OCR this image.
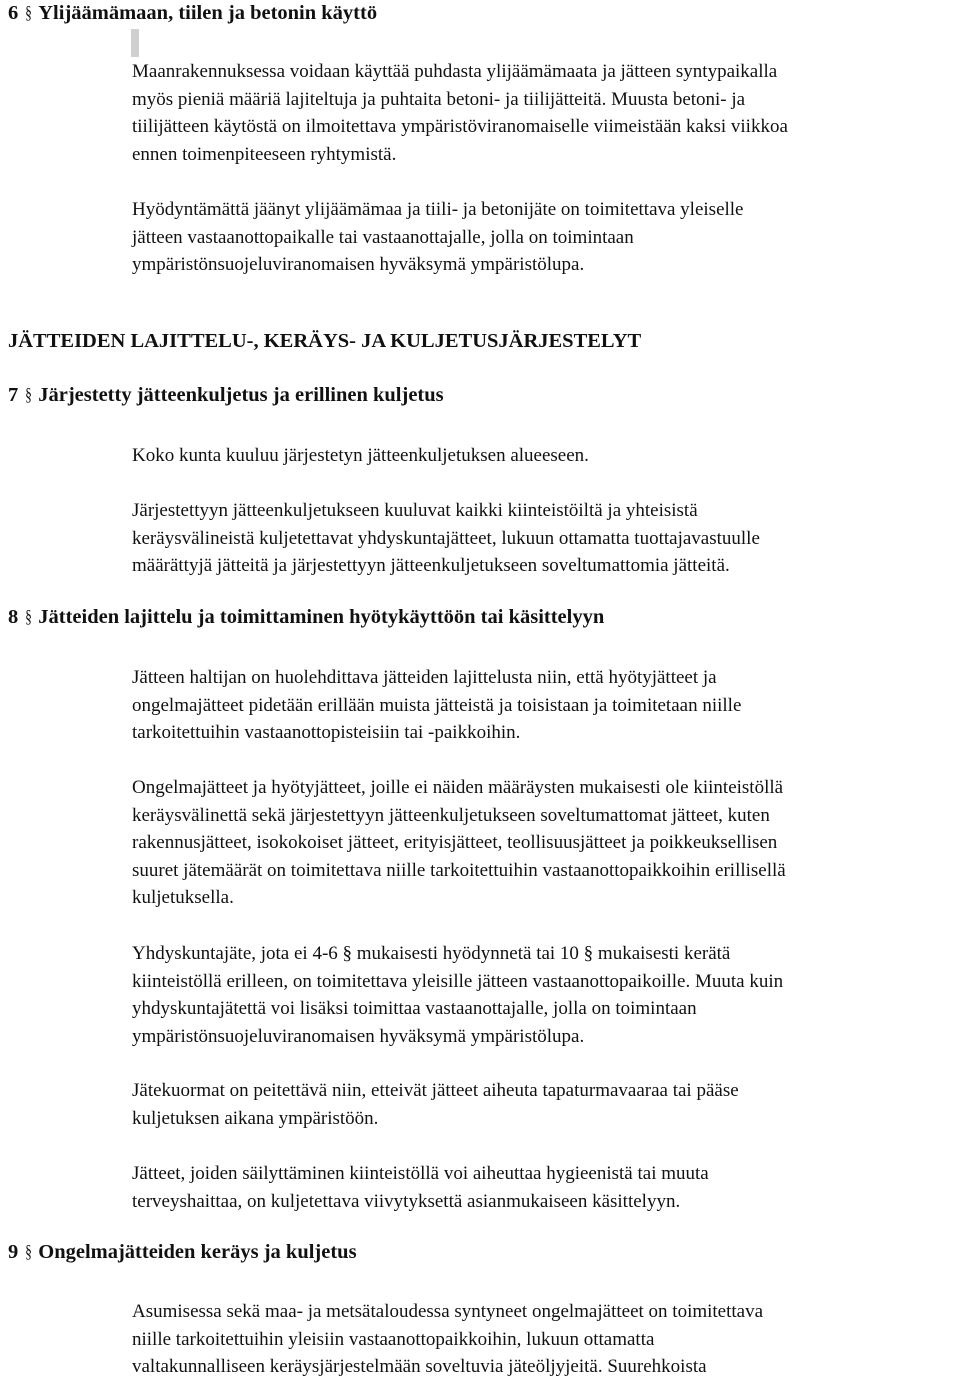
6 § Ylijäämämaan, tiilen ja betonin käyttö

Maanrakennuksessa voidaan käyttää puhdasta ylijäämämaata ja jätteen syntypaikalla
myös pieniä määriä lajiteltuja ja puhtaita betoni- ja tiilijätteitä. Muusta betoni- ja
tiilijätteen käytöstä on ilmoitettava ympäristöviranomaiselle viimeistään kaksi viikkoa
ennen toimenpiteeseen ryhtymistä.

Hyödyntämättä jäänyt ylijäämämaa ja tiili- ja betonijäte on toimitettava yleiselle
jätteen vastaanottopaikalle tai vastaanottajalle, jolla on toimintaan
ympäristönsuojeluviranomaisen hyväksymä ympäristölupa.

JÄTTEIDEN LAJITTELU-, KERÄYS- JA KULJETUSJÄRJESTELYT
7 § Järjestetty jätteenkuljetus ja erillinen kuljetus

Koko kunta kuuluu järjestetyn jätteenkuljetuksen alueeseen.

Järjestettyyn jätteenkuljetukseen kuuluvat kaikki kiinteistöiltä ja yhteisistä
keräysvälineistä kuljetettavat yhdyskuntajätteet, lukuun ottamatta tuottajavastuulle
määrättyjä jätteitä ja järjestettyyn jätteenkuljetukseen soveltumattomia jätteitä.

8 § Jätteiden lajittelu ja toimittaminen hyötykäyttöön tai käsittelyyn

Jätteen haltijan on huolehdittava jätteiden lajittelusta niin, että hyötyjätteet ja
ongelmajätteet pidetään erillään muista jätteistä ja toisistaan ja toimitetaan niille
tarkoitettuihin vastaanottopisteisiin tai -paikkoihin.

Ongelmajätteet ja hyötyjätteet, joille ei näiden määräysten mukaisesti ole kiinteistöllä
keräysvälinettä sekä järjestettyyn jätteenkuljetukseen soveltumattomat jätteet, kuten
rakennusjätteet, isokokoiset jätteet, erityisjätteet, teollisuusjätteet ja poikkeuksellisen
suuret jätemäärät on toimitettava niille tarkoitettuihin vastaanottopaikkoihin erillisellä
kuljetuksella.

Yhdyskuntajäte, jota ei 4-6 § mukaisesti hyödynnetä tai 10 § mukaisesti kerätä
kiinteistöllä erilleen, on toimitettava yleisille jätteen vastaanottopaikoille. Muuta kuin
yhdyskuntajätettä voi lisäksi toimittaa vastaanottajalle, jolla on toimintaan
ympäristönsuojeluviranomaisen hyväksymä ympäristölupa.

Jätekuormat on peitettävä niin, etteivät jätteet aiheuta tapaturmavaaraa tai pääse
kuljetuksen aikana ympäristöön.

Jätteet, joiden säilyttäminen kiinteistöllä voi aiheuttaa hygieenistä tai muuta
terveyshaittaa, on kuljetettava viivytyksettä asianmukaiseen käsittelyyn.

9 § Ongelmajätteiden keräys ja kuljetus

Asumisessa sekä maa- ja metsätaloudessa syntyneet ongelmajätteet on toimitettava
niille tarkoitettuihin yleisiin vastaanottopaikkoihin, lukuun ottamatta
valtakunnalliseen keräysjärjestelmään soveltuvia jäteöljyjeitä. Suurehkoista
